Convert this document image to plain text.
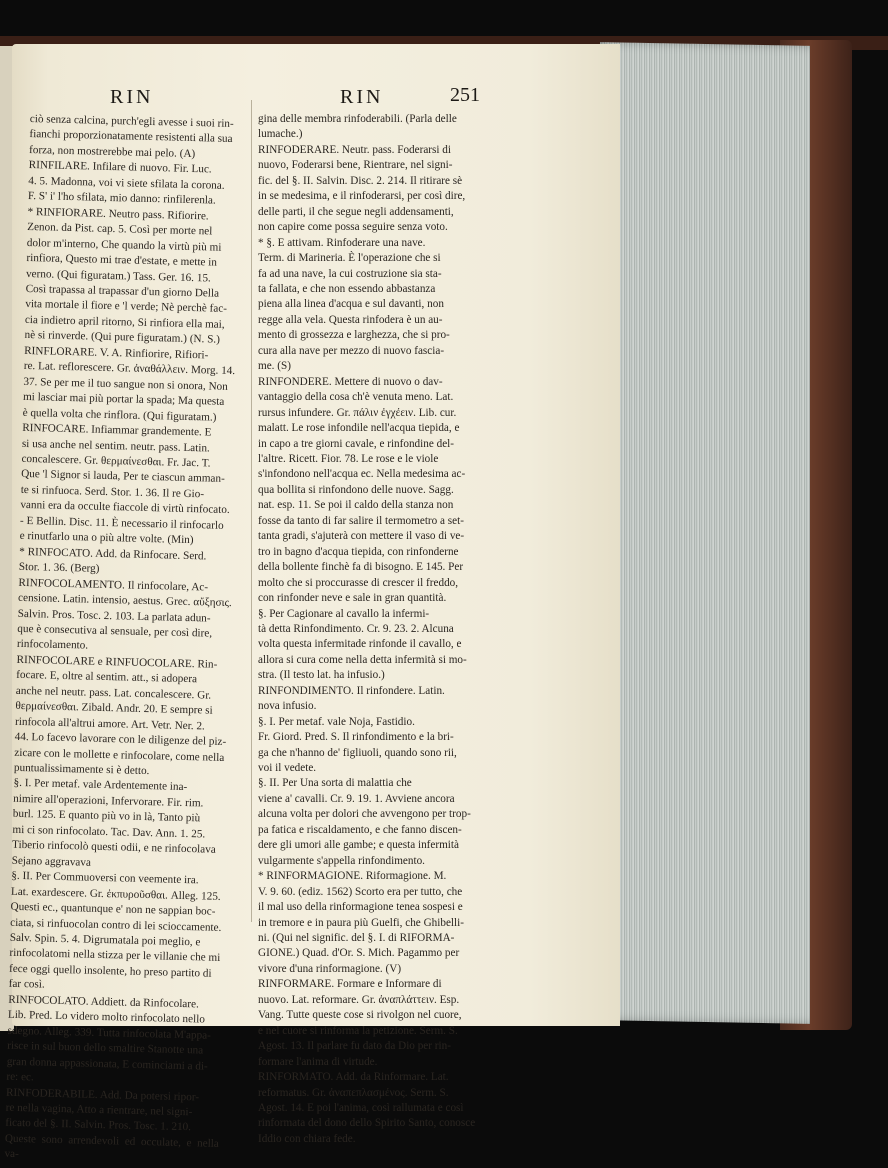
RIN	RIN	251

ciò senza calcina, purch'egli avesse i suoi rin-

fianchi proporzionatamente resistenti alla sua

forza, non mostrerebbe mai pelo. (A)

RINFILARE. Infilare di nuovo. Fir. Luc.

4. 5. Madonna, voi vi siete sfilata la corona.

F. S' i' l'ho sfilata, mio danno: rinfilerenla.

* RINFIORARE. Neutro pass. Rifiorire.

Zenon. da Pist. cap. 5. Così per morte nel

dolor m'interno, Che quando la virtù più mi

rinfiora, Questo mi trae d'estate, e mette in

verno. (Qui figuratam.) Tass. Ger. 16. 15.

Così trapassa al trapassar d'un giorno Della

vita mortale il fiore e 'l verde; Nè perchè fac-

cia indietro april ritorno, Si rinfiora ella mai,

nè si rinverde. (Qui pure figuratam.) (N. S.)

RINFLORARE. V. A. Rinfiorire, Rifiori-

re. Lat. reflorescere. Gr. ἀναθάλλειν. Morg. 14.

37. Se per me il tuo sangue non si onora, Non

mi lasciar mai più portar la spada; Ma questa

è quella volta che rinflora. (Qui figuratam.)

RINFOCARE. Infiammar grandemente. E

si usa anche nel sentim. neutr. pass. Latin.

concalescere. Gr. θερμαίνεσθαι. Fr. Jac. T.

Que 'l Signor si lauda, Per te ciascun amman-

te si rinfuoca. Serd. Stor. 1. 36. Il re Gio-

vanni era da occulte fiaccole di virtù rinfocato.

- E Bellin. Disc. 11. È necessario il rinfocarlo

e rinutfarlo una o più altre volte. (Min)

* RINFOCATO. Add. da Rinfocare. Serd.

Stor. 1. 36. (Berg)

RINFOCOLAMENTO. Il rinfocolare, Ac-

censione. Latin. intensio, aestus. Grec. αὔξησις.

Salvin. Pros. Tosc. 2. 103. La parlata adun-

que è consecutiva al sensuale, per così dire,

rinfocolamento.

RINFOCOLARE e RINFUOCOLARE. Rin-

focare. E, oltre al sentim. att., si adopera

anche nel neutr. pass. Lat. concalescere. Gr.

θερμαίνεσθαι. Zibald. Andr. 20. E sempre si

rinfocola all'altrui amore. Art. Vetr. Ner. 2.

44. Lo facevo lavorare con le diligenze del piz-

zicare con le mollette e rinfocolare, come nella

puntualissimamente si è detto.

§. I. Per metaf. vale Ardentemente ina-

nimire all'operazioni, Infervorare. Fir. rim.

burl. 125. E quanto più vo in là, Tanto più

mi ci son rinfocolato. Tac. Dav. Ann. 1. 25.

Tiberio rinfocolò questi odii, e ne rinfocolava

Sejano aggravava

§. II. Per Commuoversi con veemente ira.

Lat. exardescere. Gr. ἐκπυροῦσθαι. Alleg. 125.

Questi ec., quantunque e' non ne sappian boc-

ciata, si rinfuocolan contro di lei scioccamente.

Salv. Spin. 5. 4. Digrumatala poi meglio, e

rinfocolatomi nella stizza per le villanie che mi

fece oggi quello insolente, ho preso partito di

far così.

RINFOCOLATO. Addiett. da Rinfocolare.

Lib. Pred. Lo videro molto rinfocolato nello

sdegno. Alleg. 339. Tutta rinfocolata M'appa-

risce in sul buon dello smaltire Stanotte una

gran donna appassionata, E cominciami a di-

re: ec.

RINFODERABILE. Add. Da potersi ripor-

re nella vagina, Atto a rientrare, nel signi-

ficato del §. II. Salvin. Pros. Tosc. 1. 210.

Queste sono arrendevoli ed occulate, e nella va-

gina delle membra rinfoderabili. (Parla delle

lumache.)

RINFODERARE. Neutr. pass. Foderarsi di

nuovo, Foderarsi bene, Rientrare, nel signi-

fic. del §. II. Salvin. Disc. 2. 214. Il ritirare sè

in se medesima, e il rinfoderarsi, per così dire,

delle parti, il che segue negli addensamenti,

non capire come possa seguire senza voto.

* §. E attivam. Rinfoderare una nave.

Term. di Marineria. È l'operazione che si

fa ad una nave, la cui costruzione sia sta-

ta fallata, e che non essendo abbastanza

piena alla linea d'acqua e sul davanti, non

regge alla vela. Questa rinfodera è un au-

mento di grossezza e larghezza, che si pro-

cura alla nave per mezzo di nuovo fascia-

me. (S)

RINFONDERE. Mettere di nuovo o dav-

vantaggio della cosa ch'è venuta meno. Lat.

rursus infundere. Gr. πάλιν ἐγχέειν. Lib. cur.

malatt. Le rose infondile nell'acqua tiepida, e

in capo a tre giorni cavale, e rinfondine del-

l'altre. Ricett. Fior. 78. Le rose e le viole

s'infondono nell'acqua ec. Nella medesima ac-

qua bollita si rinfondono delle nuove. Sagg.

nat. esp. 11. Se poi il caldo della stanza non

fosse da tanto di far salire il termometro a set-

tanta gradi, s'ajuterà con mettere il vaso di ve-

tro in bagno d'acqua tiepida, con rinfonderne

della bollente finchè fa di bisogno. E 145. Per

molto che si proccurasse di crescer il freddo,

con rinfonder neve e sale in gran quantità.

§. Per Cagionare al cavallo la infermi-

tà detta Rinfondimento. Cr. 9. 23. 2. Alcuna

volta questa infermitade rinfonde il cavallo, e

allora si cura come nella detta infermità si mo-

stra. (Il testo lat. ha infusio.)

RINFONDIMENTO. Il rinfondere. Latin.

nova infusio.

§. I. Per metaf. vale Noja, Fastidio.

Fr. Giord. Pred. S. Il rinfondimento e la bri-

ga che n'hanno de' figliuoli, quando sono rii,

voi il vedete.

§. II. Per Una sorta di malattia che

viene a' cavalli. Cr. 9. 19. 1. Avviene ancora

alcuna volta per dolori che avvengono per trop-

pa fatica e riscaldamento, e che fanno discen-

dere gli umori alle gambe; e questa infermità

vulgarmente s'appella rinfondimento.

* RINFORMAGIONE. Riformagione. M.

V. 9. 60. (ediz. 1562) Scorto era per tutto, che

il mal uso della rinformagione tenea sospesi e

in tremore e in paura più Guelfi, che Ghibelli-

ni. (Qui nel signific. del §. I. di RIFORMA-

GIONE.) Quad. d'Or. S. Mich. Pagammo per

vivore d'una rinformagione. (V)

RINFORMARE. Formare e Informare di

nuovo. Lat. reformare. Gr. ἀναπλάττειν. Esp.

Vang. Tutte queste cose si rivolgon nel cuore,

e nel cuore si rinforma la petizione. Serm. S.

Agost. 13. Il parlare fu dato da Dio per rin-

formare l'anima di virtude.

RINFORMATO. Add. da Rinformare. Lat.

reformatus. Gr. ἀναπεπλασμένος. Serm. S.

Agost. 14. E poi l'anima, così rallumata e così

rinformata del dono dello Spirito Santo, conosce

Iddio con chiara fede.
